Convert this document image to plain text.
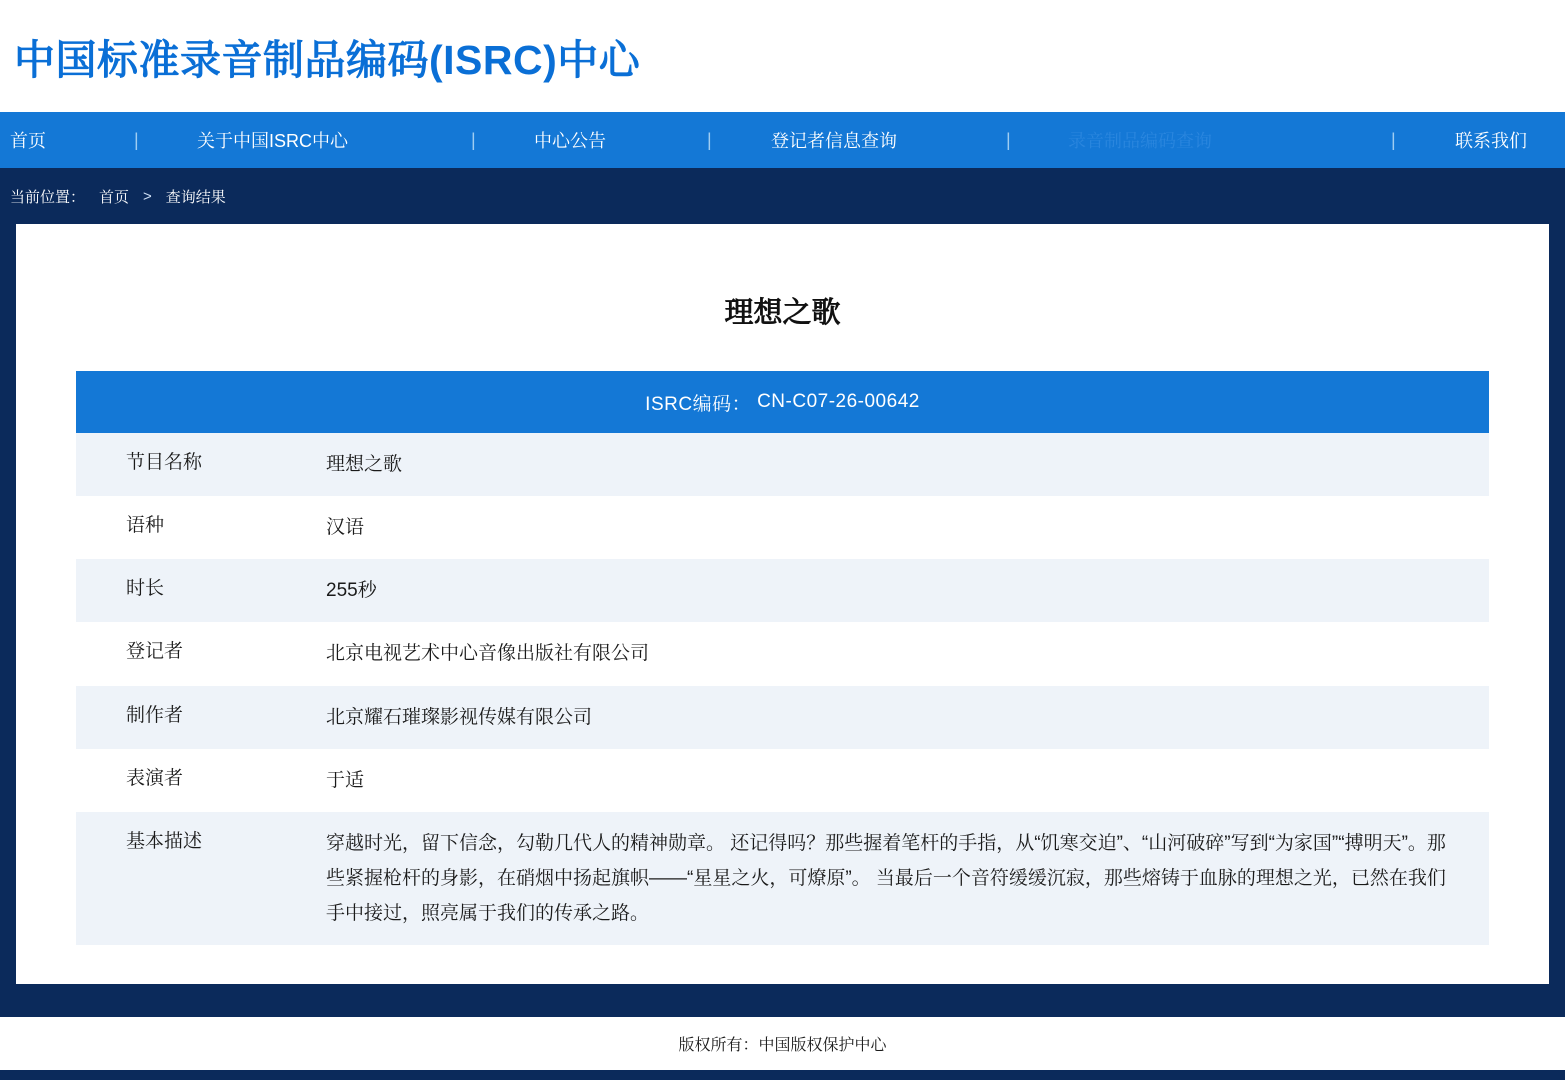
中国标准录音制品编码(ISRC)中心
首页	|	关于中国ISRC中心	|	中心公告	|	登记者信息查询	|	录音制品编码查询	|	联系我们
当前位置： 首页 > 查询结果
理想之歌
ISRC编码： CN-C07-26-00642
节目名称	理想之歌
语种	汉语
时长	255秒
登记者	北京电视艺术中心音像出版社有限公司
制作者	北京耀石璀璨影视传媒有限公司
表演者	于适
基本描述	穿越时光，留下信念，勾勒几代人的精神勋章。 还记得吗？那些握着笔杆的手指，从“饥寒交迫”、“山河破碎”写到“为家国”“搏明天”。那些紧握枪杆的身影，在硝烟中扬起旗帜——“星星之火，可燎原”。 当最后一个音符缓缓沉寂，那些熔铸于血脉的理想之光，已然在我们手中接过，照亮属于我们的传承之路。
版权所有：中国版权保护中心
